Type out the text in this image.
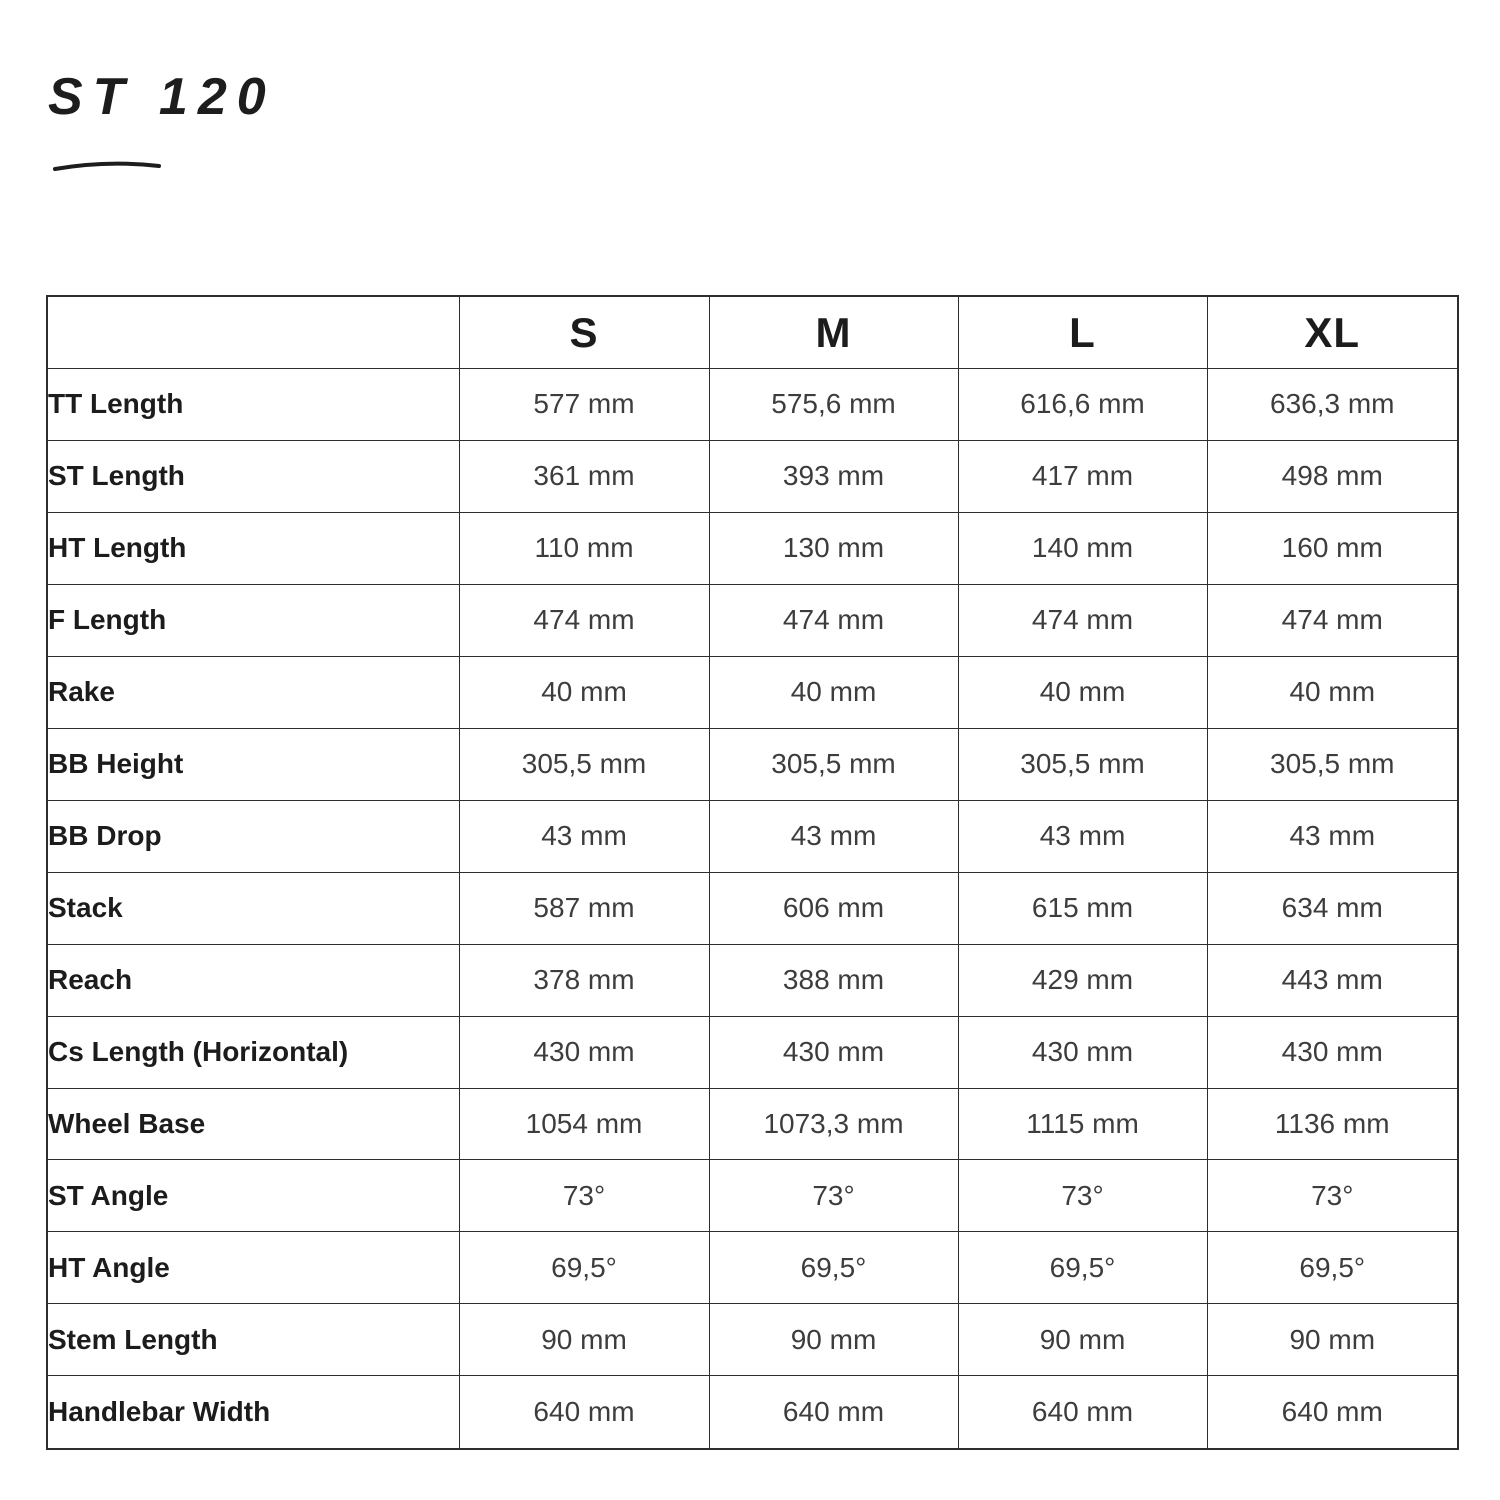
ST 120
	S	M	L	XL
TT Length	577 mm	575,6 mm	616,6 mm	636,3 mm
ST Length	361 mm	393 mm	417 mm	498 mm
HT Length	110 mm	130 mm	140 mm	160 mm
F Length	474 mm	474 mm	474 mm	474 mm
Rake	40 mm	40 mm	40 mm	40 mm
BB Height	305,5 mm	305,5 mm	305,5 mm	305,5 mm
BB Drop	43 mm	43 mm	43 mm	43 mm
Stack	587 mm	606 mm	615 mm	634 mm
Reach	378 mm	388 mm	429 mm	443 mm
Cs Length (Horizontal)	430 mm	430 mm	430 mm	430 mm
Wheel Base	1054 mm	1073,3 mm	1115 mm	1136 mm
ST Angle	73°	73°	73°	73°
HT Angle	69,5°	69,5°	69,5°	69,5°
Stem Length	90 mm	90 mm	90 mm	90 mm
Handlebar Width	640 mm	640 mm	640 mm	640 mm
